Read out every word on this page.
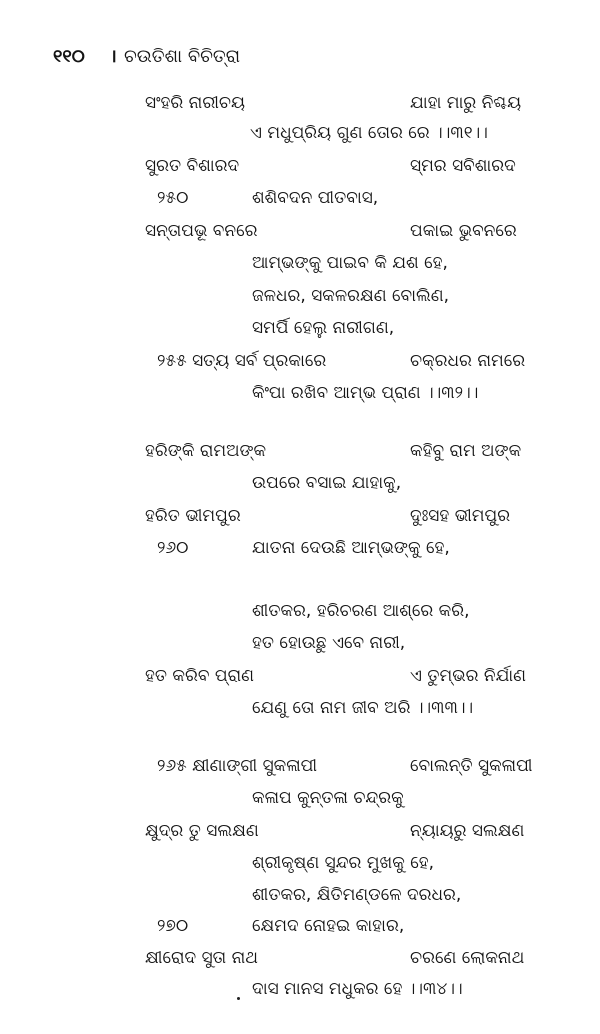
୧୧୦ । ଚଉତିଶା ବିଚିତ୍ରା
ସଂହରି ନାରୀଚୟ	ଯାହା ମାରୁ ନିଶ୍ଚୟ
ଏ ମଧୁପ୍ରିୟ ଗୁଣ ତୋର ରେ ।।୩୧।।
ସୁରତ ବିଶାରଦ	ସ୍ମର ସବିଶାରଦ
୨୫୦	ଶଶିବଦନ ପୀତବାସ,
ସନ୍ତାପଭୂ ବନରେ	ପକାଇ ଭୁବନରେ
ଆମ୍ଭଙ୍କୁ ପାଇବ କି ଯଶ ହେ,
ଜଳଧର, ସକଳରକ୍ଷଣ ବୋଲିଣ,
ସମର୍ପି ହେଲୁ ନାରୀଗଣ,
୨୫୫ ସତ୍ୟ ସର୍ବ ପ୍ରକାରେ	ଚକ୍ରଧର ନାମରେ
କିଂପା ରଖିବ ଆମ୍ଭ ପ୍ରାଣ ।।୩୨।।
ହରିଙ୍କି ରାମଅଙ୍କ	କହିବୁ ରାମ ଅଙ୍କ
ଉପରେ ବସାଇ ଯାହାକୁ,
ହରିତ ଭୀମପୁର	ଦୁଃସହ ଭୀମପୁର
୨୬୦	ଯାତନା ଦେଉଛି ଆମ୍ଭଙ୍କୁ ହେ,
ଶୀତକର, ହରିଚରଣ ଆଶ୍ରେ କରି,
ହତ ହୋଉଛୁ ଏବେ ନାରୀ,
ହତ କରିବ ପ୍ରାଣ	ଏ ତୁମ୍ଭର ନିର୍ଯାଣ
ଯେଣୁ ତୋ ନାମ ଜୀବ ଅରି ।।୩୩।।
୨୬୫ କ୍ଷୀଣାଙ୍ଗୀ ସୁକଳାପୀ	ବୋଲନ୍ତି ସୁକଳାପୀ
କଳାପ କୁନ୍ତଳା ଚନ୍ଦ୍ରକୁ
କ୍ଷୁଦ୍ର ତୁ ସଲକ୍ଷଣ	ନ୍ୟାୟରୁ ସଲକ୍ଷଣ
ଶ୍ରୀକୃଷ୍ଣ ସୁନ୍ଦର ମୁଖକୁ ହେ,
ଶୀତକର, କ୍ଷିତିମଣ୍ଡଳେ ଦରଧର,
୨୭୦	କ୍ଷେମଦ ନୋହଇ କାହାର,
କ୍ଷୀରୋଦ ସୁତା ନାଥ	ଚରଣେ ଲୋକନାଥ
ଦାସ ମାନସ ମଧୁକର ହେ ।।୩୪।।
